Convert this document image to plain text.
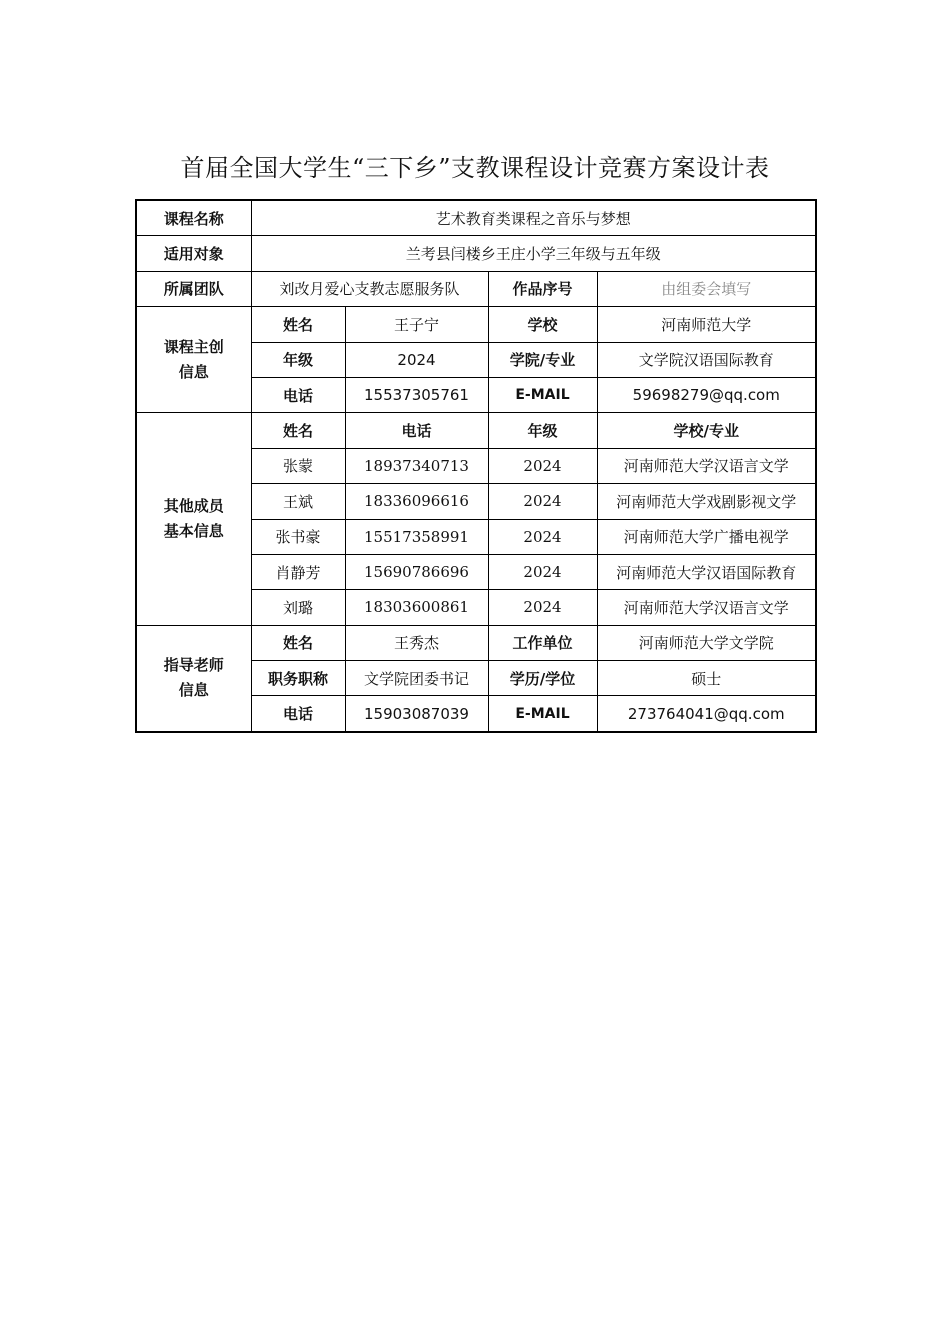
首届全国大学生“三下乡”支教课程设计竞赛方案设计表
课程名称	艺术教育类课程之音乐与梦想			
适用对象	兰考县闫楼乡王庄小学三年级与五年级			
所属团队	刘改月爱心支教志愿服务队		作品序号	由组委会填写
课程主创信息	姓名	王子宁	学校	河南师范大学
	年级	2024	学院/专业	文学院汉语国际教育
	电话	15537305761	E-MAIL	59698279@qq.com
其他成员基本信息	姓名	电话	年级	学校/专业
	张蒙	18937340713	2024	河南师范大学汉语言文学
	王斌	18336096616	2024	河南师范大学戏剧影视文学
	张书豪	15517358991	2024	河南师范大学广播电视学
	肖静芳	15690786696	2024	河南师范大学汉语国际教育
	刘璐	18303600861	2024	河南师范大学汉语言文学
指导老师信息	姓名	王秀杰	工作单位	河南师范大学文学院
	职务职称	文学院团委书记	学历/学位	硕士
	电话	15903087039	E-MAIL	273764041@qq.com
